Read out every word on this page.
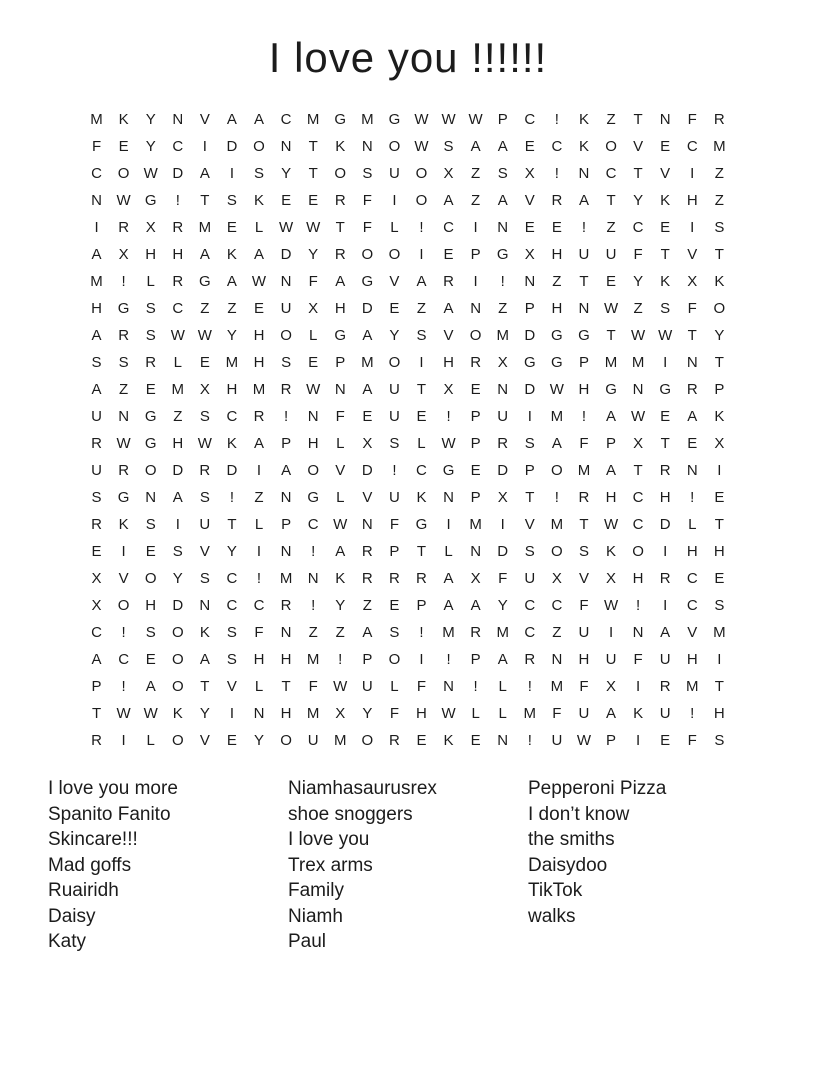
I love you !!!!!!
M	K	Y	N	V	A	A	C	M	G M	G W W W P	C	!	K	Z	T	N	F	R
F	E	Y	C	I	D	O	N	T	K	N	O W S	A	A	E	C	K	O	V	E	C	M
C	O W D	A	I	S	Y	T	O	S	U	O	X	Z	S	X	!	N	C	T	V	I	Z
N W G	!	T	S	K	E	E	R	F	I	O	A	Z	A	V	R	A	T	Y	K	H	Z
I	R	X	R	M	E	L	W W	T	F	L	!	C	I	N	E	E	!	Z	C	E	I	S
A	X	H	H	A	K	A	D	Y	R	O	O	I	E	P	G	X	H	U	U	F	T	V	T
M	!	L	R	G	A W N	F	A	G	V	A	R	I	!	N	Z	T	E	Y	K	X	K
H	G	S	C	Z	Z	E	U	X	H	D	E	Z	A	N	Z	P	H	N W	Z	S	F	O
A	R	S W W Y	H	O	L	G	A	Y	S	V	O M	D	G	G	T	W W	T	Y
S	S	R	L	E	M	H	S	E	P	M	O	I	H	R	X	G	G	P	M M	I	N	T
A	Z	E	M	X	H	M	R W N	A	U	T	X	E	N	D W H	G	N	G	R	P
U	N	G	Z	S	C	R	!	N	F	E	U	E	!	P	U	I	M	!	A W E	A	K
R W G	H W K	A	P	H	L	X	S	L	W P	R	S	A	F	P	X	T	E	X
U	R	O	D	R	D	I	A	O	V	D	!	C	G	E	D	P	O M	A	T	R	N	I
S	G	N	A	S	!	Z	N	G	L	V	U	K	N	P	X	T	!	R	H	C	H	!	E
R	K	S	I	U	T	L	P	C W N	F	G	I	M	I	V	M	T	W C	D	L	T
E	I	E	S	V	Y	I	N	!	A	R	P	T	L	N	D	S	O	S	K	O	I	H	H
X	V	O	Y	S	C	!	M	N	K	R	R	R	A	X	F	U	X	V	X	H	R	C	E
X	O	H	D	N	C	C	R	!	Y	Z	E	P	A	A	Y	C	C	F	W	!	I	C	S
C	!	S	O	K	S	F	N	Z	Z	A	S	!	M	R	M	C	Z	U	I	N	A	V	M
A	C	E	O	A	S	H	H	M	!	P	O	I	!	P	A	R	N	H	U	F	U	H	I
P	!	A	O	T	V	L	T	F	W U	L	F	N	!	L	!	M	F	X	I	R	M	T
T	W W K	Y	I	N	H	M	X	Y	F	H W	L	L	M	F	U	A	K	U	!	H
R	I	L	O	V	E	Y	O	U	M	O	R	E	K	E	N	!	U W P	I	E	F	S
I love you more
Spanito Fanito
Skincare!!!
Mad goffs
Ruairidh
Daisy
Katy
Niamhasaurusrex
shoe snoggers
I love you
Trex arms
Family
Niamh
Paul
Pepperoni Pizza
I don’t know
the smiths
Daisydoo
TikTok
walks
